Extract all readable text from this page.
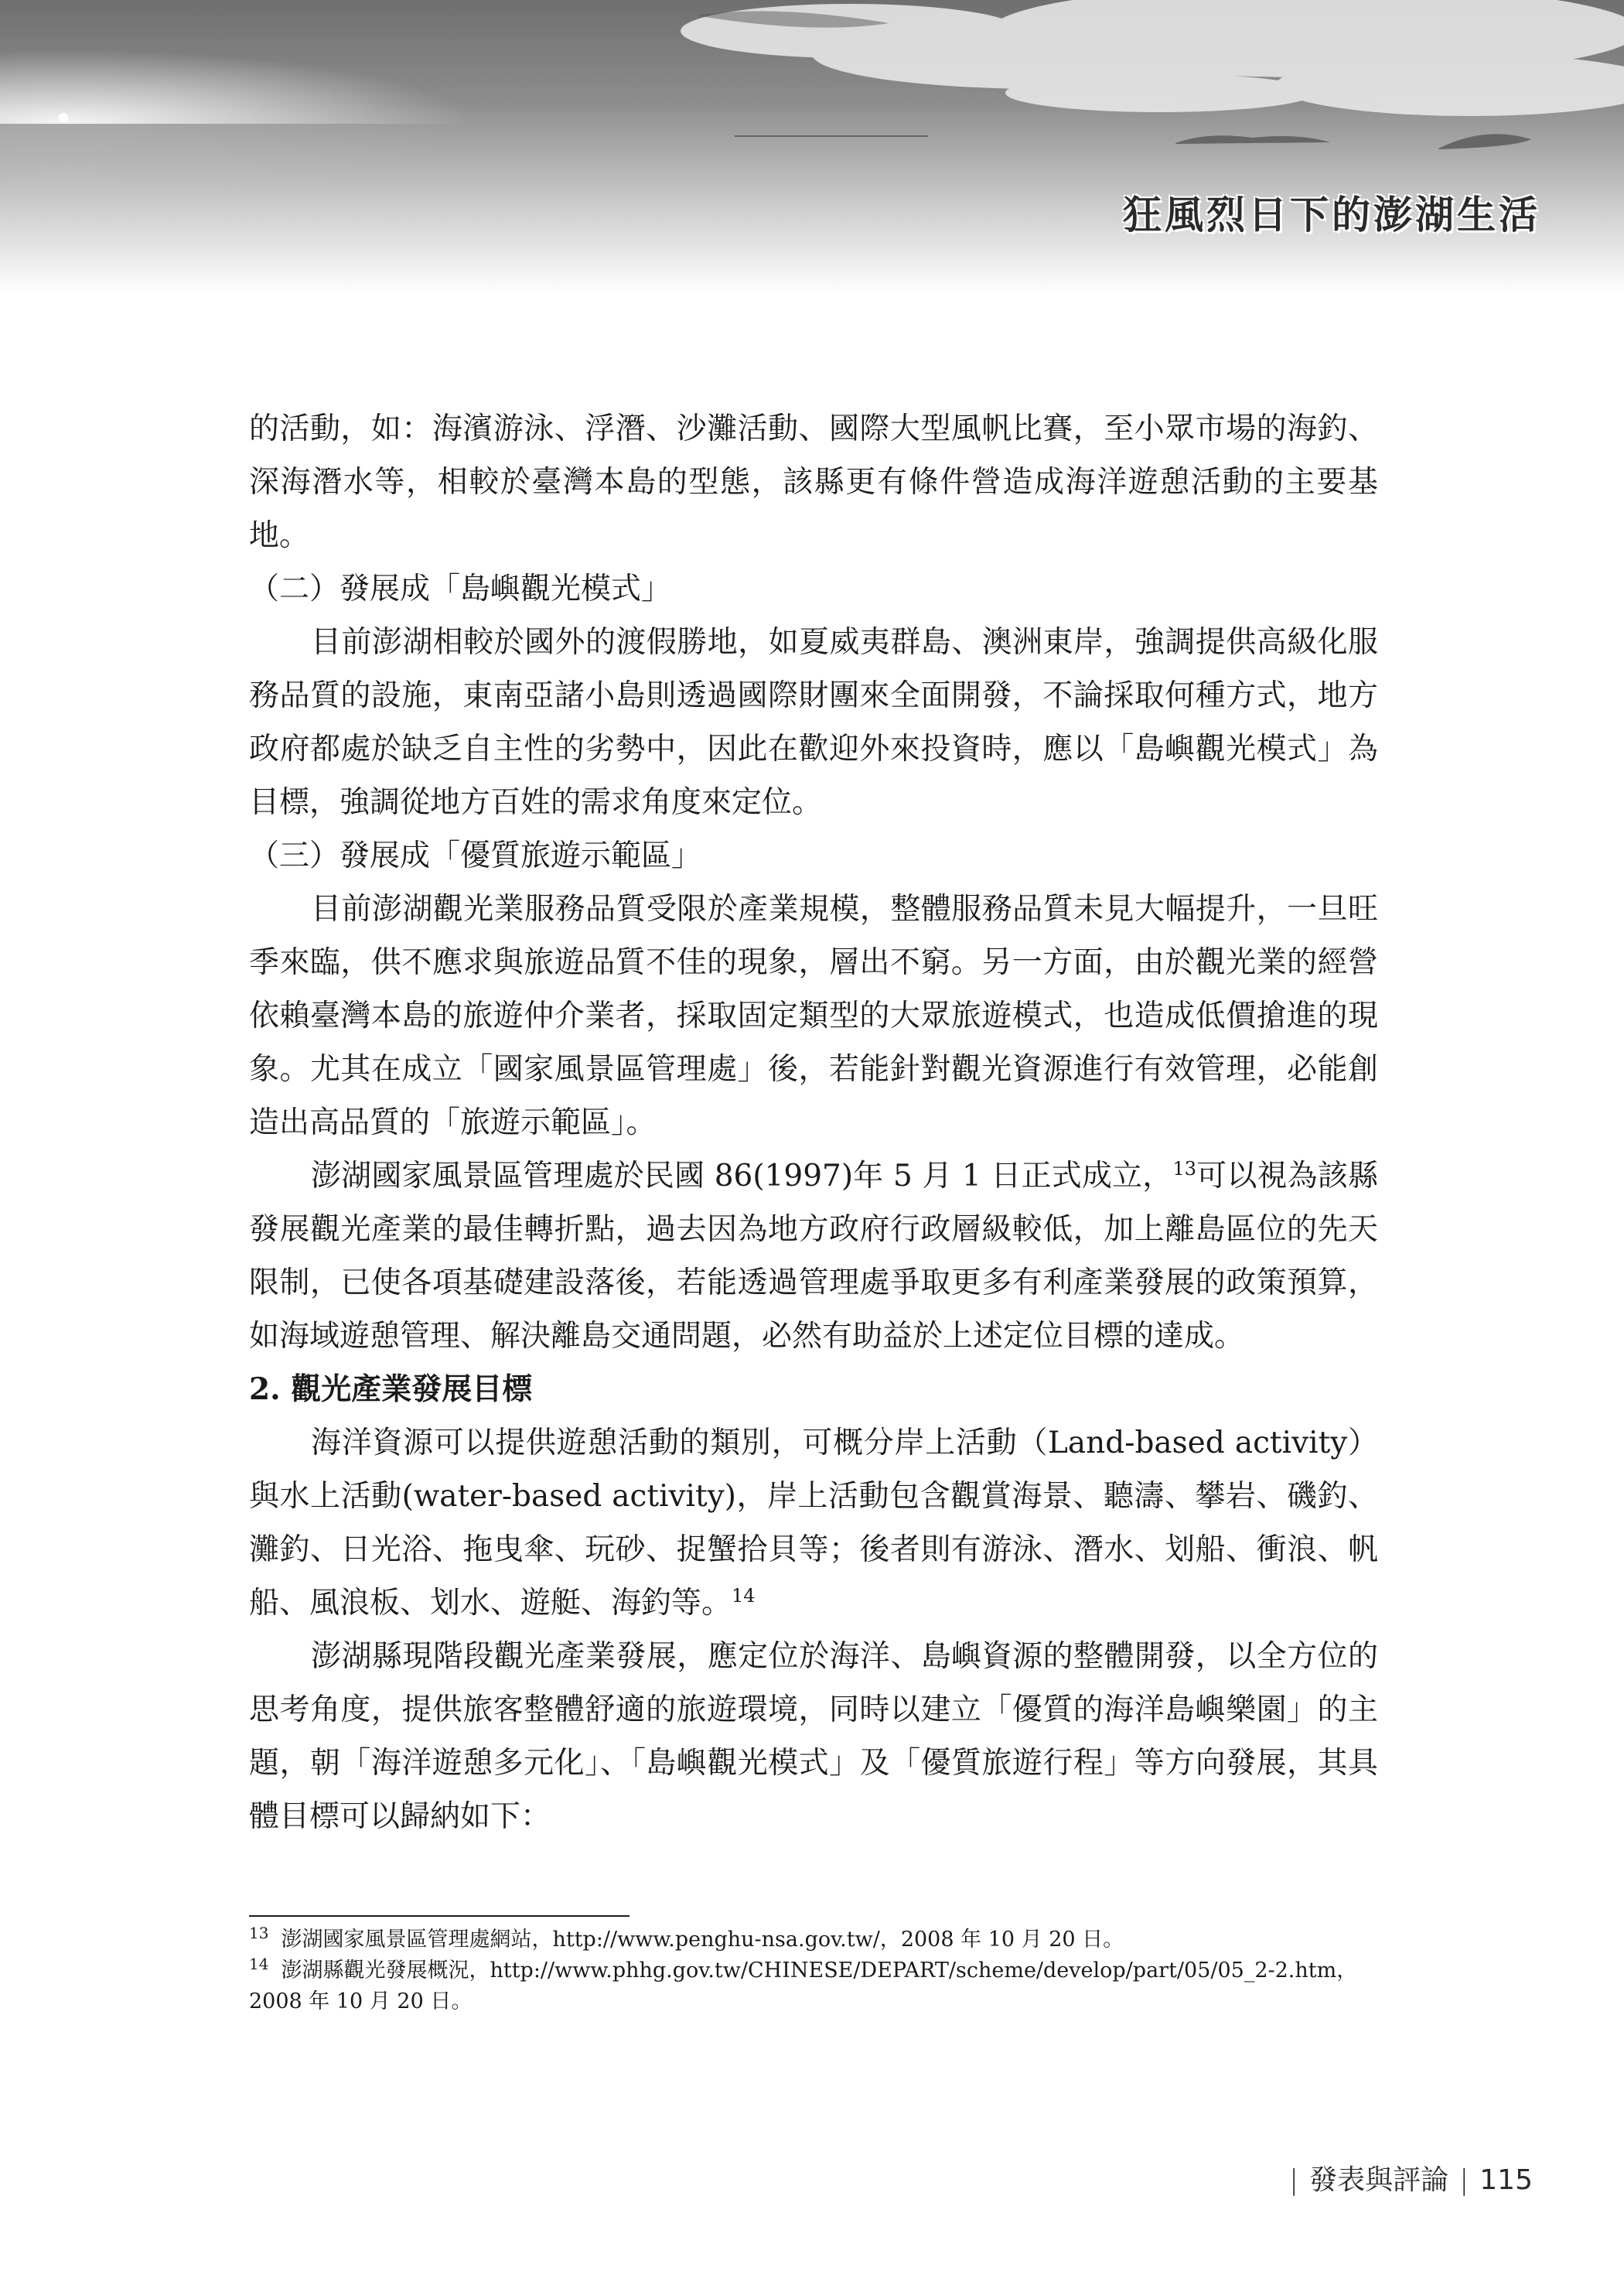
狂風烈日下的澎湖生活

的活動，如：海濱游泳、浮潛、沙灘活動、國際大型風帆比賽，至小眾市場的海釣、深海潛水等，相較於臺灣本島的型態，該縣更有條件營造成海洋遊憩活動的主要基地。

（二）發展成「島嶼觀光模式」

目前澎湖相較於國外的渡假勝地，如夏威夷群島、澳洲東岸，強調提供高級化服務品質的設施，東南亞諸小島則透過國際財團來全面開發，不論採取何種方式，地方政府都處於缺乏自主性的劣勢中，因此在歡迎外來投資時，應以「島嶼觀光模式」為目標，強調從地方百姓的需求角度來定位。

（三）發展成「優質旅遊示範區」

目前澎湖觀光業服務品質受限於產業規模，整體服務品質未見大幅提升，一旦旺季來臨，供不應求與旅遊品質不佳的現象，層出不窮。另一方面，由於觀光業的經營依賴臺灣本島的旅遊仲介業者，採取固定類型的大眾旅遊模式，也造成低價搶進的現象。尤其在成立「國家風景區管理處」後，若能針對觀光資源進行有效管理，必能創造出高品質的「旅遊示範區」。

澎湖國家風景區管理處於民國 86(1997)年 5 月 1 日正式成立，$^{13}$可以視為該縣發展觀光產業的最佳轉折點，過去因為地方政府行政層級較低，加上離島區位的先天限制，已使各項基礎建設落後，若能透過管理處爭取更多有利產業發展的政策預算，如海域遊憩管理、解決離島交通問題，必然有助益於上述定位目標的達成。

2. 觀光產業發展目標

海洋資源可以提供遊憩活動的類別，可概分岸上活動（Land-based activity）與水上活動(water-based activity)，岸上活動包含觀賞海景、聽濤、攀岩、磯釣、灘釣、日光浴、拖曳傘、玩砂、捉蟹拾貝等；後者則有游泳、潛水、划船、衝浪、帆船、風浪板、划水、遊艇、海釣等。$^{14}$

澎湖縣現階段觀光產業發展，應定位於海洋、島嶼資源的整體開發，以全方位的思考角度，提供旅客整體舒適的旅遊環境，同時以建立「優質的海洋島嶼樂園」的主題，朝「海洋遊憩多元化」、「島嶼觀光模式」及「優質旅遊行程」等方向發展，其具體目標可以歸納如下：

$^{13}$ 澎湖國家風景區管理處網站，http://www.penghu-nsa.gov.tw/，2008 年 10 月 20 日。

$^{14}$ 澎湖縣觀光發展概況，http://www.phhg.gov.tw/CHINESE/DEPART/scheme/develop/part/05/05_2-2.htm，2008 年 10 月 20 日。

| 發表與評論 | 115
